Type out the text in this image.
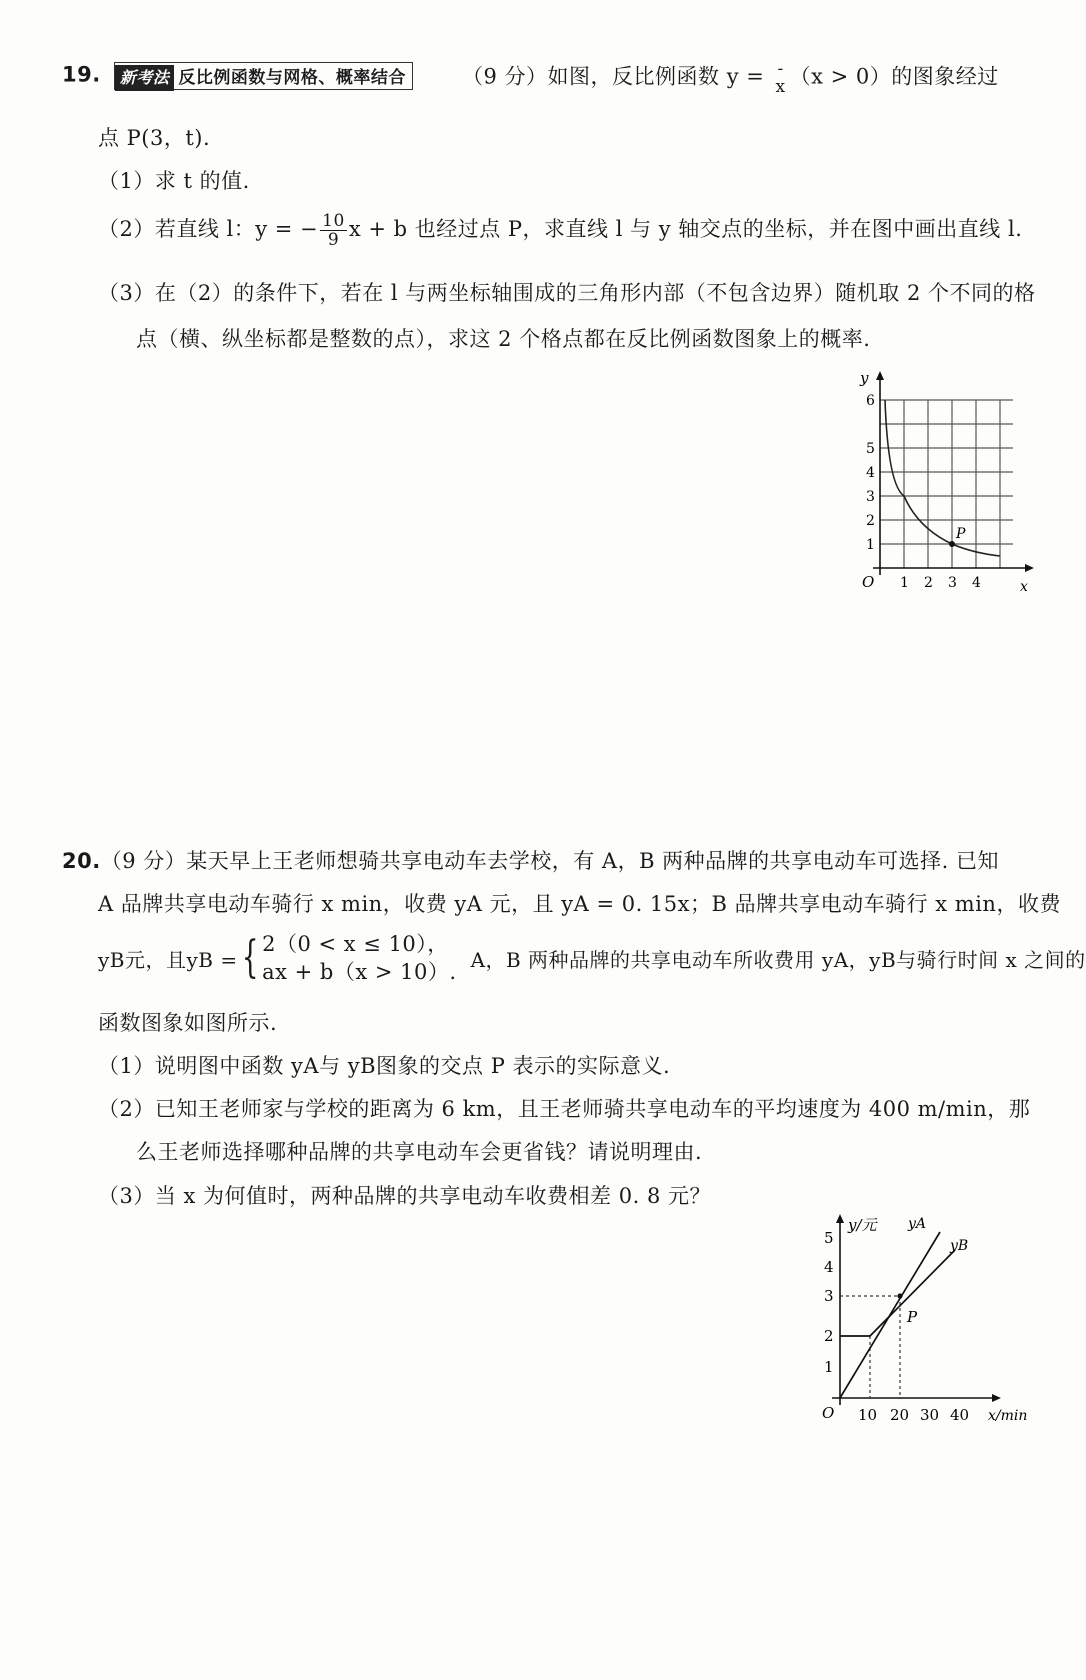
19. 新考法 反比例函数与网格、概率结合	（9 分）如图，反比例函数 y = -
x （x > 0）的图象经过
点 P(3，t).
（1）求 t 的值.
（2）若直线 l：y = − $\frac{10}{9}$ x + b 也经过点 P，求直线 l 与 y 轴交点的坐标，并在图中画出直线 l.
（3）在（2）的条件下，若在 l 与两坐标轴围成的三角形内部（不包含边界）随机取 2 个不同的格
点（横、纵坐标都是整数的点），求这 2 个格点都在反比例函数图象上的概率.
P
y
x
O 1 2 3 4
1
2
3
4
5
6
20.（9 分）某天早上王老师想骑共享电动车去学校，有 A，B 两种品牌的共享电动车可选择. 已知
A 品牌共享电动车骑行 x min，收费 yA 元，且 yA = 0. 15x；B 品牌共享电动车骑行 x min，收费
yB元，且yB ={ 2（0 < x ≤ 10），
ax + b（x > 10）.
A，B 两种品牌的共享电动车所收费用 yA，yB与骑行时间 x 之间的
函数图象如图所示.
（1）说明图中函数 yA与 yB图象的交点 P 表示的实际意义.
（2）已知王老师家与学校的距离为 6 km，且王老师骑共享电动车的平均速度为 400 m/min，那
么王老师选择哪种品牌的共享电动车会更省钱？请说明理由.
（3）当 x 为何值时，两种品牌的共享电动车收费相差 0. 8 元？
P
y/元 yA
yB
x/min
O 10 20 30 40
1
2
3
4
5
